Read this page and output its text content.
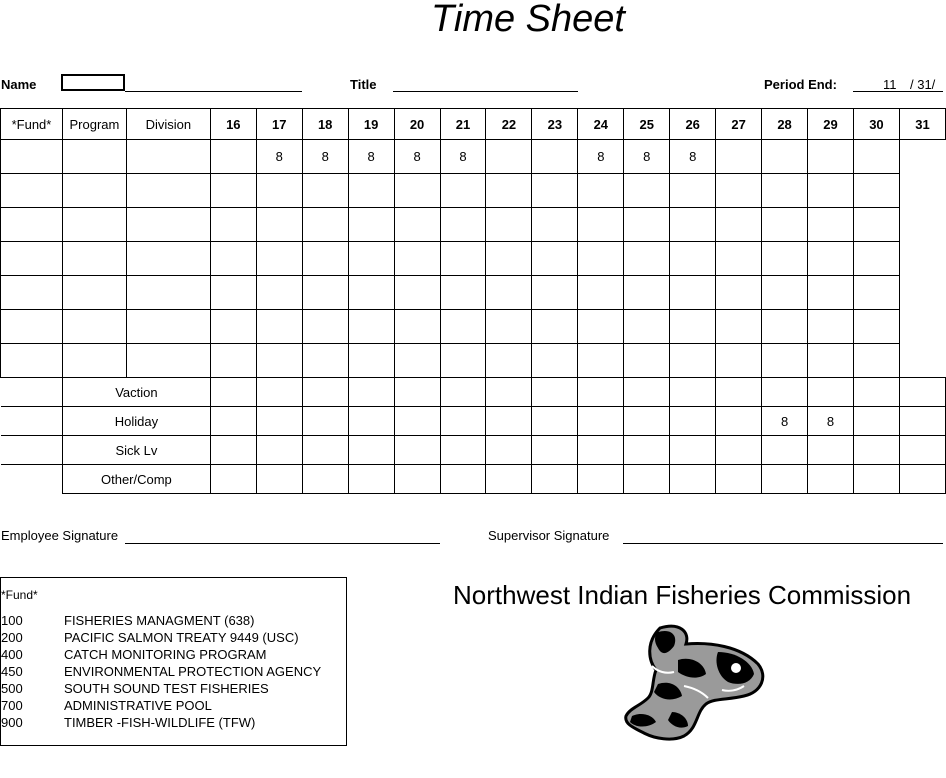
Time Sheet
Name	Title	Period End:	11 / 31/
*Fund*	Program	Division	16	17	18	19	20	21	22	23	24	25	26	27	28	29	30	31
				8	8	8	8	8			8	8	8					

	Vaction																	
	Holiday														8	8		
	Sick Lv																	
	Other/Comp																	
Employee Signature	Supervisor Signature
*Fund*
100	FISHERIES MANAGMENT (638)
200	PACIFIC SALMON TREATY 9449 (USC)
400	CATCH MONITORING PROGRAM
450	ENVIRONMENTAL PROTECTION AGENCY
500	SOUTH SOUND TEST FISHERIES
700	ADMINISTRATIVE POOL
900	TIMBER -FISH-WILDLIFE (TFW)
Northwest Indian Fisheries Commission
